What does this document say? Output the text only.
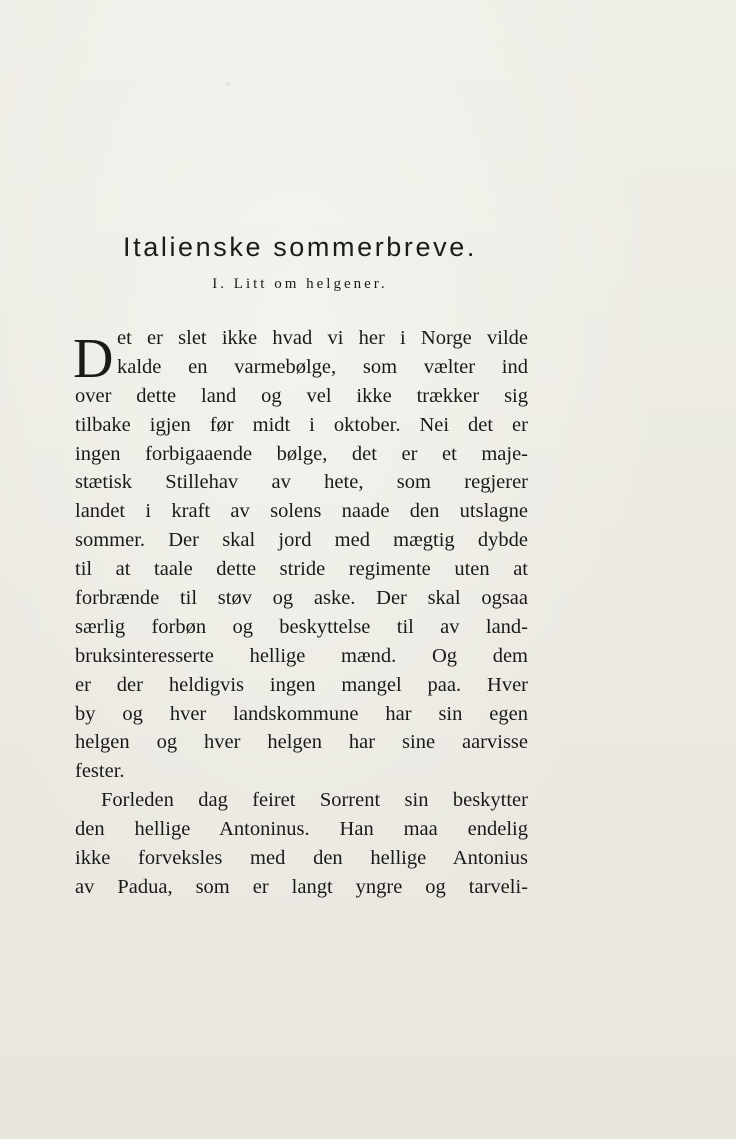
ᵘ
Italienske sommerbreve.
I. Litt om helgener.
D et er slet ikke hvad vi her i Norge vilde
kalde en varmebølge, som vælter ind
over dette land og vel ikke trækker sig
tilbake igjen før midt i oktober. Nei det er
ingen forbigaaende bølge, det er et maje-
stætisk Stillehav av hete, som regjerer
landet i kraft av solens naade den utslagne
sommer. Der skal jord med mægtig dybde
til at taale dette stride regimente uten at
forbrænde til støv og aske. Der skal ogsaa
særlig forbøn og beskyttelse til av land-
bruksinteresserte hellige mænd. Og dem
er der heldigvis ingen mangel paa. Hver
by og hver landskommune har sin egen
helgen og hver helgen har sine aarvisse
fester.
Forleden dag feiret Sorrent sin beskytter
den hellige Antoninus. Han maa endelig
ikke forveksles med den hellige Antonius
av Padua, som er langt yngre og tarveli-
